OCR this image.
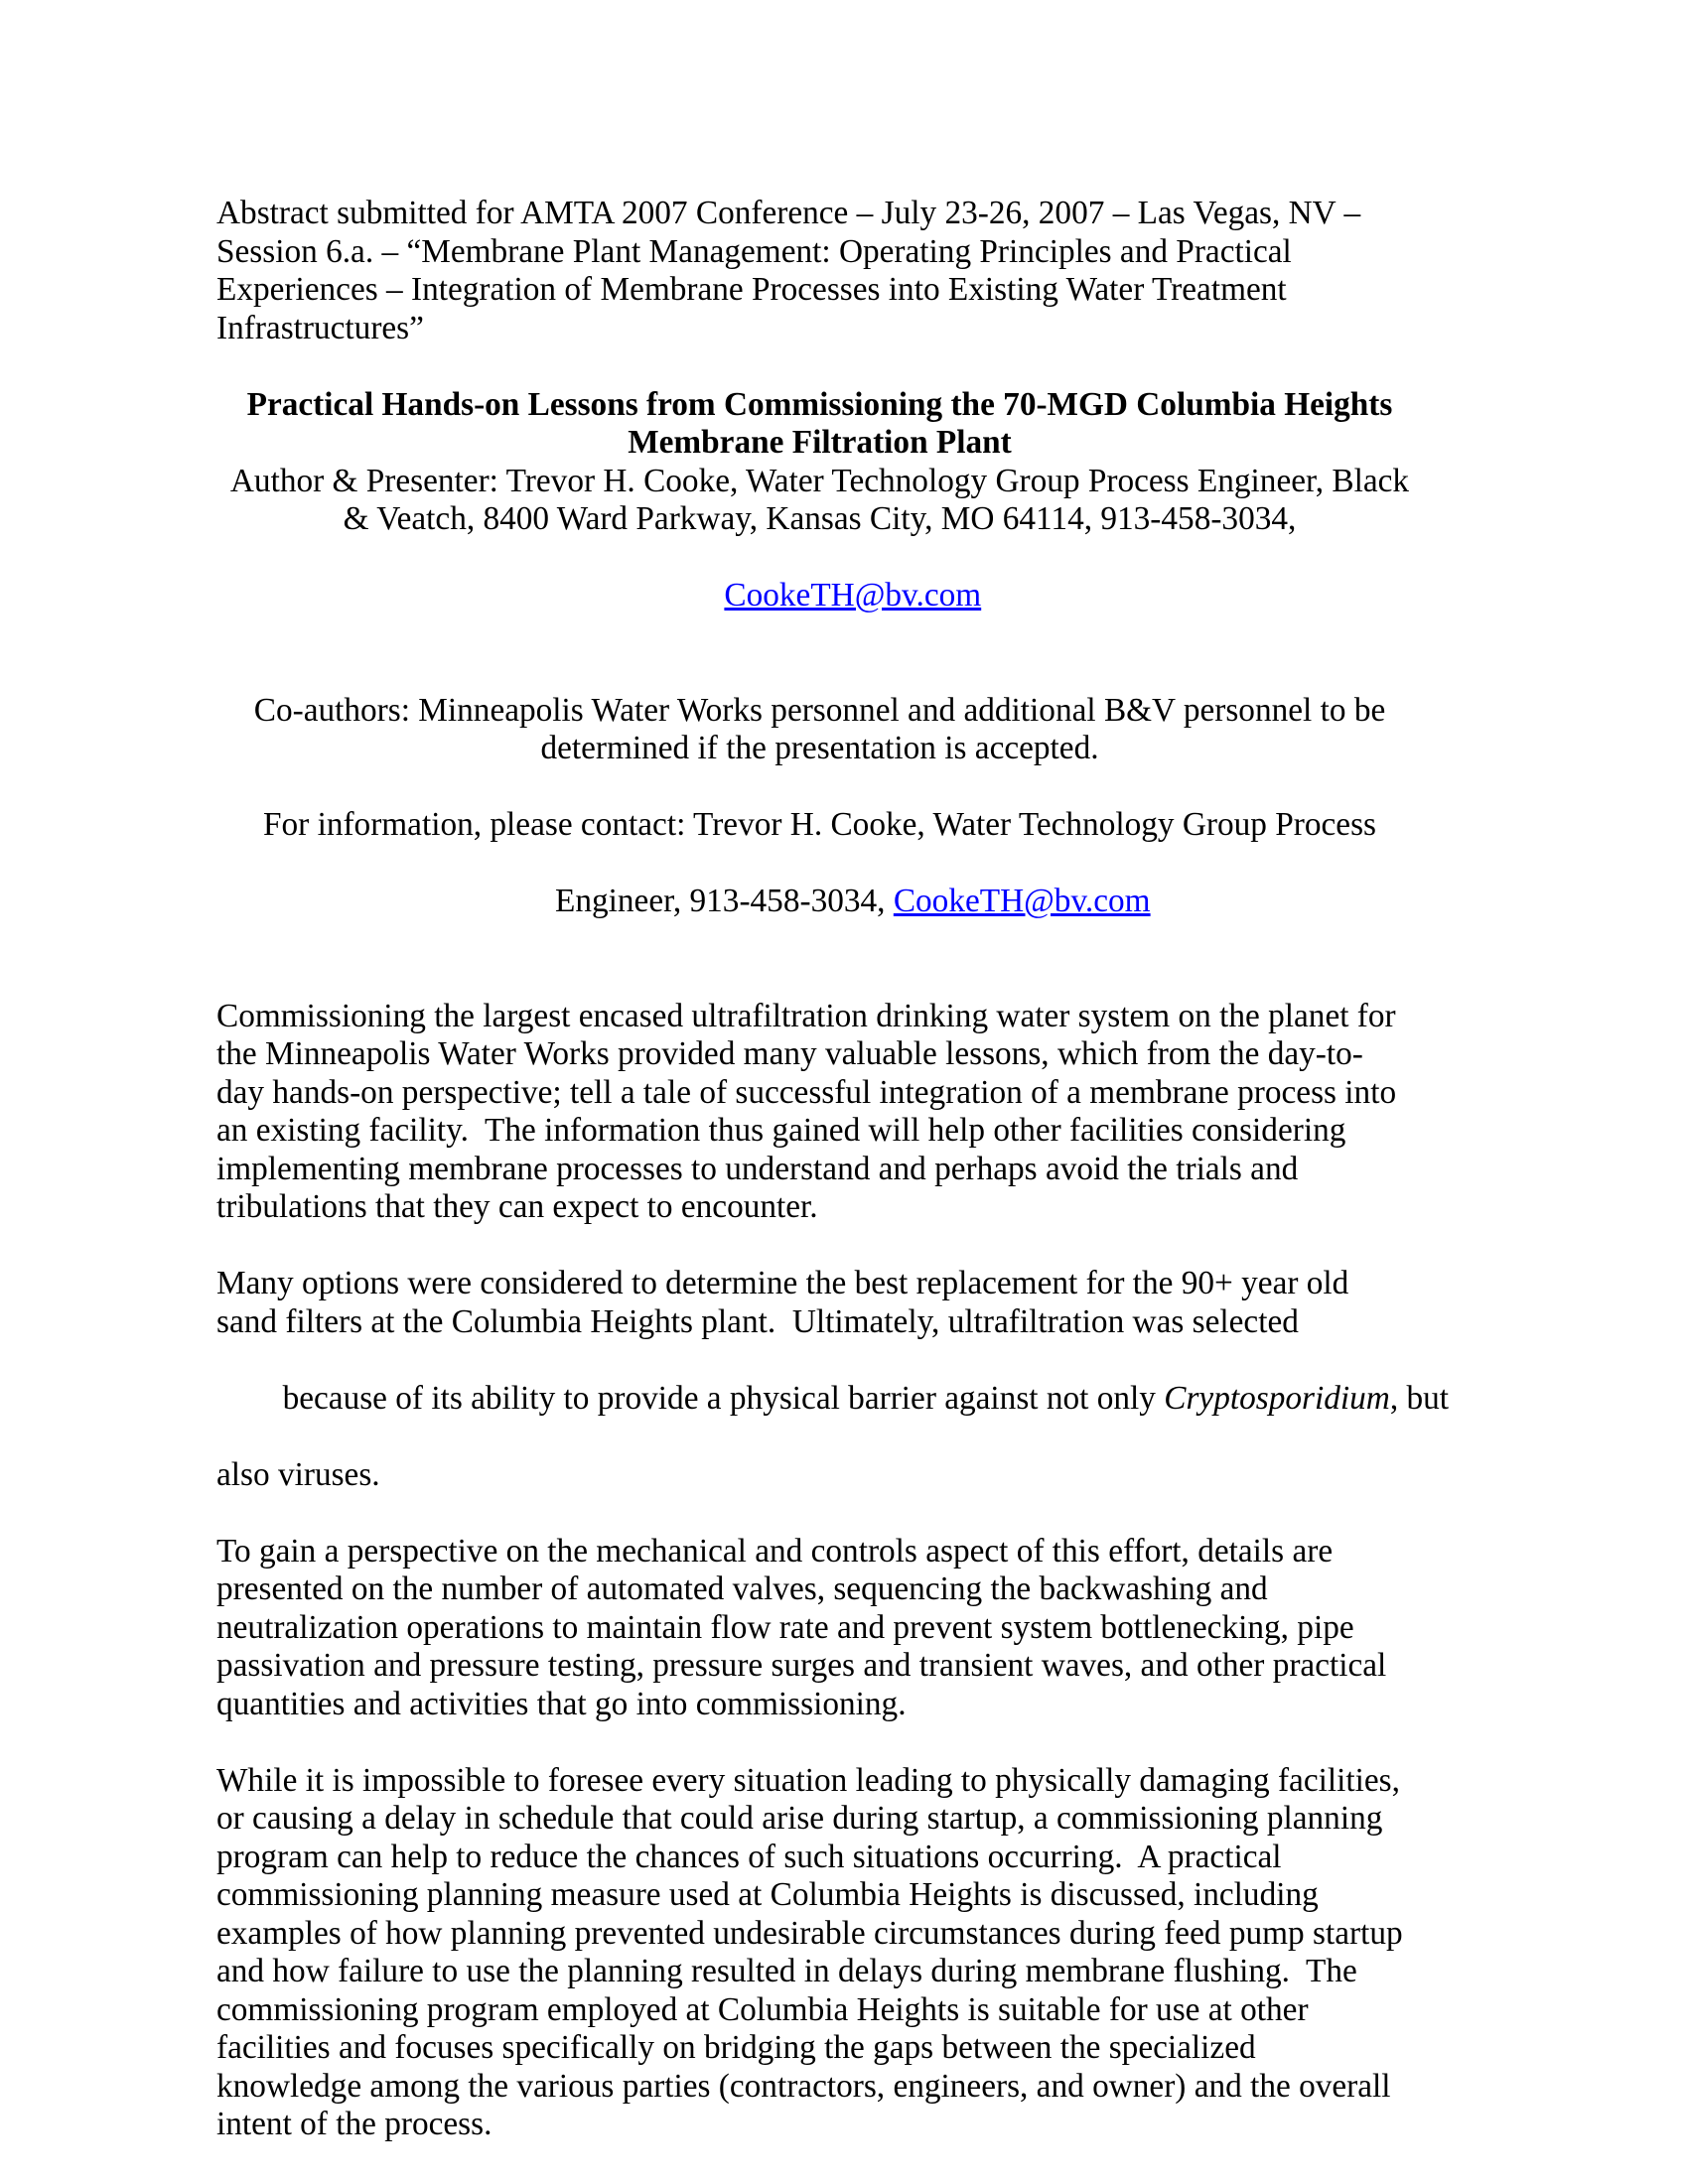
Abstract submitted for AMTA 2007 Conference – July 23-26, 2007 – Las Vegas, NV –
Session 6.a. – “Membrane Plant Management: Operating Principles and Practical
Experiences – Integration of Membrane Processes into Existing Water Treatment
Infrastructures”
Practical Hands-on Lessons from Commissioning the 70-MGD Columbia Heights
Membrane Filtration Plant
Author & Presenter: Trevor H. Cooke, Water Technology Group Process Engineer, Black
& Veatch, 8400 Ward Parkway, Kansas City, MO 64114, 913-458-3034,

CookeTH@bv.com

Co-authors: Minneapolis Water Works personnel and additional B&V personnel to be
determined if the presentation is accepted.
For information, please contact: Trevor H. Cooke, Water Technology Group Process

Engineer, 913-458-3034, CookeTH@bv.com

Commissioning the largest encased ultrafiltration drinking water system on the planet for
the Minneapolis Water Works provided many valuable lessons, which from the day-to-
day hands-on perspective; tell a tale of successful integration of a membrane process into
an existing facility.  The information thus gained will help other facilities considering
implementing membrane processes to understand and perhaps avoid the trials and
tribulations that they can expect to encounter.
Many options were considered to determine the best replacement for the 90+ year old
sand filters at the Columbia Heights plant.  Ultimately, ultrafiltration was selected

because of its ability to provide a physical barrier against not only Cryptosporidium, but

also viruses.
To gain a perspective on the mechanical and controls aspect of this effort, details are
presented on the number of automated valves, sequencing the backwashing and
neutralization operations to maintain flow rate and prevent system bottlenecking, pipe
passivation and pressure testing, pressure surges and transient waves, and other practical
quantities and activities that go into commissioning.
While it is impossible to foresee every situation leading to physically damaging facilities,
or causing a delay in schedule that could arise during startup, a commissioning planning
program can help to reduce the chances of such situations occurring.  A practical
commissioning planning measure used at Columbia Heights is discussed, including
examples of how planning prevented undesirable circumstances during feed pump startup
and how failure to use the planning resulted in delays during membrane flushing.  The
commissioning program employed at Columbia Heights is suitable for use at other
facilities and focuses specifically on bridging the gaps between the specialized
knowledge among the various parties (contractors, engineers, and owner) and the overall
intent of the process.
